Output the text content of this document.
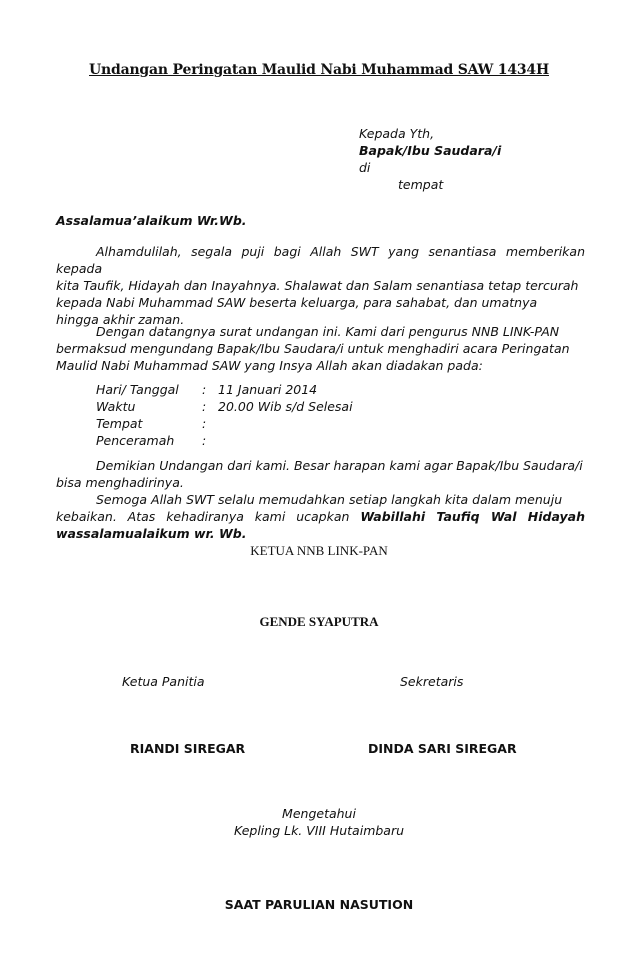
Undangan Peringatan Maulid Nabi Muhammad SAW 1434H
Kepada Yth,
Bapak/Ibu Saudara/i
di
tempat
Assalamua’alaikum Wr.Wb.
Alhamdulilah, segala puji bagi Allah SWT yang senantiasa memberikan kepada
kita Taufik, Hidayah dan Inayahnya. Shalawat dan Salam senantiasa tetap tercurah
kepada Nabi Muhammad SAW beserta keluarga, para sahabat, dan umatnya
hingga akhir zaman.
Dengan datangnya surat undangan ini. Kami dari pengurus NNB LINK-PAN
bermaksud mengundang Bapak/Ibu Saudara/i untuk menghadiri acara Peringatan
Maulid Nabi Muhammad SAW yang Insya Allah akan diadakan pada:
Hari/ Tanggal	: 11 Januari 2014
Waktu	: 20.00 Wib s/d Selesai
Tempat	:
Penceramah	:
Demikian Undangan dari kami. Besar harapan kami agar Bapak/Ibu Saudara/i
bisa menghadirinya.
Semoga Allah SWT selalu memudahkan setiap langkah kita dalam menuju
kebaikan. Atas kehadiranya kami ucapkan Wabillahi Taufiq Wal Hidayah
wassalamualaikum wr. Wb.
KETUA NNB LINK-PAN
GENDE SYAPUTRA
Ketua Panitia	Sekretaris
RIANDI SIREGAR	DINDA SARI SIREGAR
Mengetahui
Kepling Lk. VIII Hutaimbaru
SAAT PARULIAN NASUTION
